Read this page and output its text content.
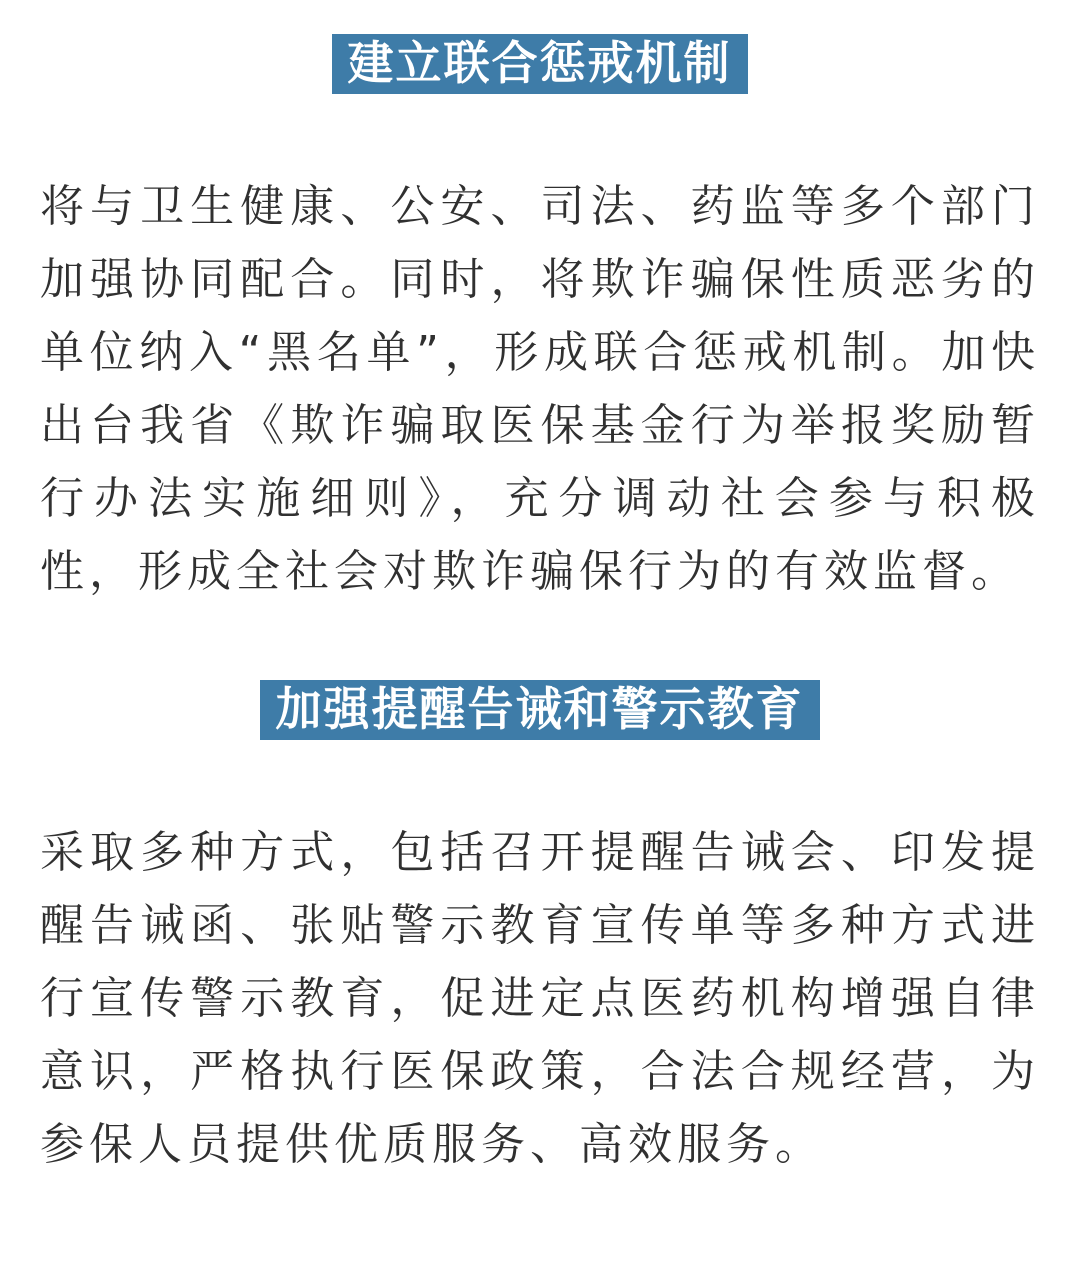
建立联合惩戒机制

将与卫生健康、公安、司法、药监等多个部门加强协同配合。同时，将欺诈骗保性质恶劣的单位纳入“黑名单”，形成联合惩戒机制。加快出台我省《欺诈骗取医保基金行为举报奖励暂行办法实施细则》，充分调动社会参与积极性，形成全社会对欺诈骗保行为的有效监督。

加强提醒告诫和警示教育

采取多种方式，包括召开提醒告诫会、印发提醒告诫函、张贴警示教育宣传单等多种方式进行宣传警示教育，促进定点医药机构增强自律意识，严格执行医保政策，合法合规经营，为参保人员提供优质服务、高效服务。
